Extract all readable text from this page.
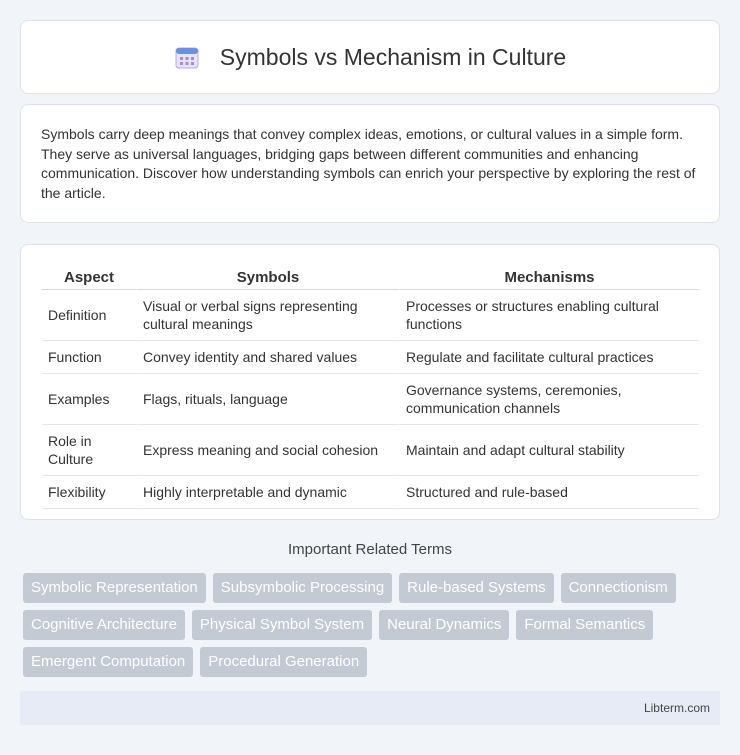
Symbols vs Mechanism in Culture

Symbols carry deep meanings that convey complex ideas, emotions, or cultural values in a simple form. They serve as universal languages, bridging gaps between different communities and enhancing communication. Discover how understanding symbols can enrich your perspective by exploring the rest of the article.

Aspect	Symbols	Mechanisms
Definition	Visual or verbal signs representing cultural meanings	Processes or structures enabling cultural functions
Function	Convey identity and shared values	Regulate and facilitate cultural practices
Examples	Flags, rituals, language	Governance systems, ceremonies, communication channels
Role in Culture	Express meaning and social cohesion	Maintain and adapt cultural stability
Flexibility	Highly interpretable and dynamic	Structured and rule-based
Important Related Terms
Symbolic Representation	Subsymbolic Processing	Rule-based Systems	Connectionism
Cognitive Architecture	Physical Symbol System	Neural Dynamics	Formal Semantics
Emergent Computation	Procedural Generation
Libterm.com
